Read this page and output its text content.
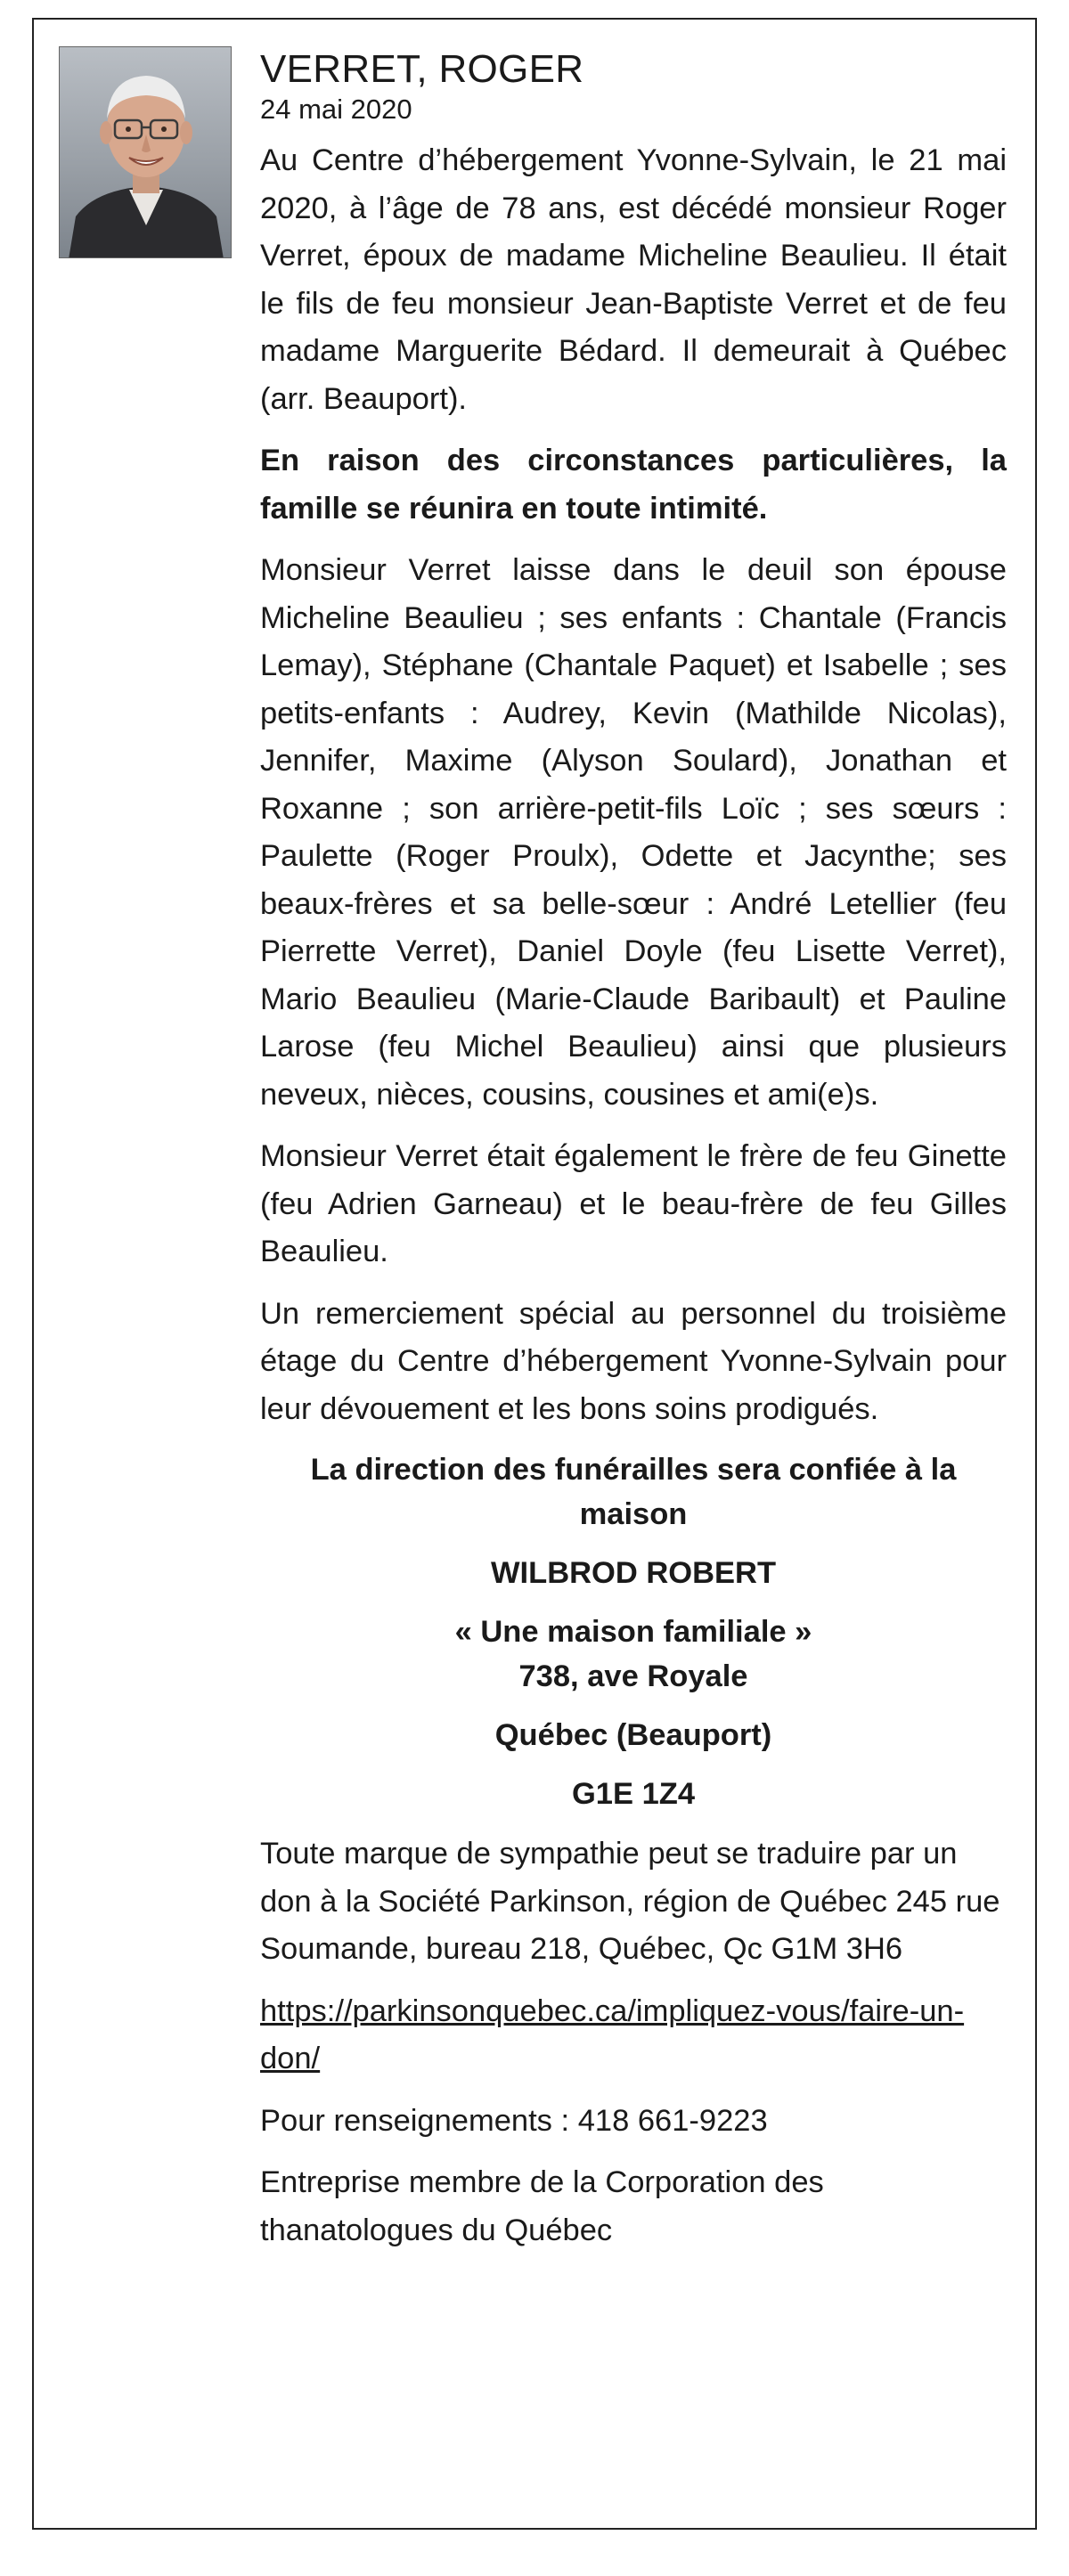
VERRET, ROGER
24 mai 2020

Au Centre d’hébergement Yvonne-Sylvain, le 21 mai 2020, à l’âge de 78 ans, est décédé monsieur Roger Verret, époux de madame Micheline Beaulieu. Il était le fils de feu monsieur Jean-Baptiste Verret et de feu madame Marguerite Bédard. Il demeurait à Québec (arr. Beauport).

En raison des circonstances particulières, la famille se réunira en toute intimité.

Monsieur Verret laisse dans le deuil son épouse Micheline Beaulieu ; ses enfants : Chantale (Francis Lemay), Stéphane (Chantale Paquet) et Isabelle ; ses petits-enfants : Audrey, Kevin (Mathilde Nicolas), Jennifer, Maxime (Alyson Soulard), Jonathan et Roxanne ; son arrière-petit-fils Loïc ; ses sœurs : Paulette (Roger Proulx), Odette et Jacynthe; ses beaux-frères et sa belle-sœur : André Letellier (feu Pierrette Verret), Daniel Doyle (feu Lisette Verret), Mario Beaulieu (Marie-Claude Baribault) et Pauline Larose (feu Michel Beaulieu) ainsi que plusieurs neveux, nièces, cousins, cousines et ami(e)s.

Monsieur Verret était également le frère de feu Ginette (feu Adrien Garneau) et le beau-frère de feu Gilles Beaulieu.

Un remerciement spécial au personnel du troisième étage du Centre d’hébergement Yvonne-Sylvain pour leur dévouement et les bons soins prodigués.

La direction des funérailles sera confiée à la maison
WILBROD ROBERT
« Une maison familiale »
738, ave Royale
Québec (Beauport)
G1E 1Z4

Toute marque de sympathie peut se traduire par un don à la Société Parkinson, région de Québec 245 rue Soumande, bureau 218, Québec, Qc G1M 3H6

https://parkinsonquebec.ca/impliquez-vous/faire-un-don/

Pour renseignements : 418 661-9223

Entreprise membre de la Corporation des thanatologues du Québec
